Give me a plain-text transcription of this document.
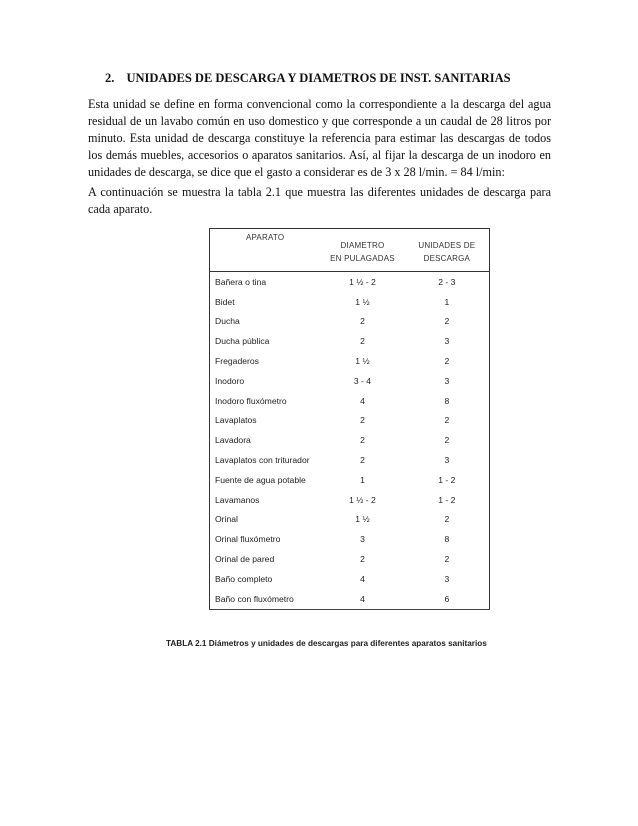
2. UNIDADES DE DESCARGA Y DIAMETROS DE INST. SANITARIAS

Esta unidad se define en forma convencional como la correspondiente a la descarga del agua residual de un lavabo común en uso domestico y que corresponde a un caudal de 28 litros por minuto. Esta unidad de descarga constituye la referencia para estimar las descargas de todos los demás muebles, accesorios o aparatos sanitarios. Así, al fijar la descarga de un inodoro en unidades de descarga, se dice que el gasto a considerar es de 3 x 28 l/min. = 84 l/min:

A continuación se muestra la tabla 2.1 que muestra las diferentes unidades de descarga para cada aparato.

APARATO	DIAMETRO	UNIDADES DE
	EN PULAGADAS	DESCARGA
Bañera o tina	1 ½ - 2	2 - 3
Bidet	1 ½	1
Ducha	2	2
Ducha pública	2	3
Fregaderos	1 ½	2
Inodoro	3 - 4	3
Inodoro fluxómetro	4	8
Lavaplatos	2	2
Lavadora	2	2
Lavaplatos con triturador	2	3
Fuente de agua potable	1	1 - 2
Lavamanos	1 ½ - 2	1 - 2
Orinal	1 ½	2
Orinal fluxómetro	3	8
Orinal de pared	2	2
Baño completo	4	3
Baño con fluxómetro	4	6
TABLA 2.1 Diámetros y unidades de descargas para diferentes aparatos sanitarios
